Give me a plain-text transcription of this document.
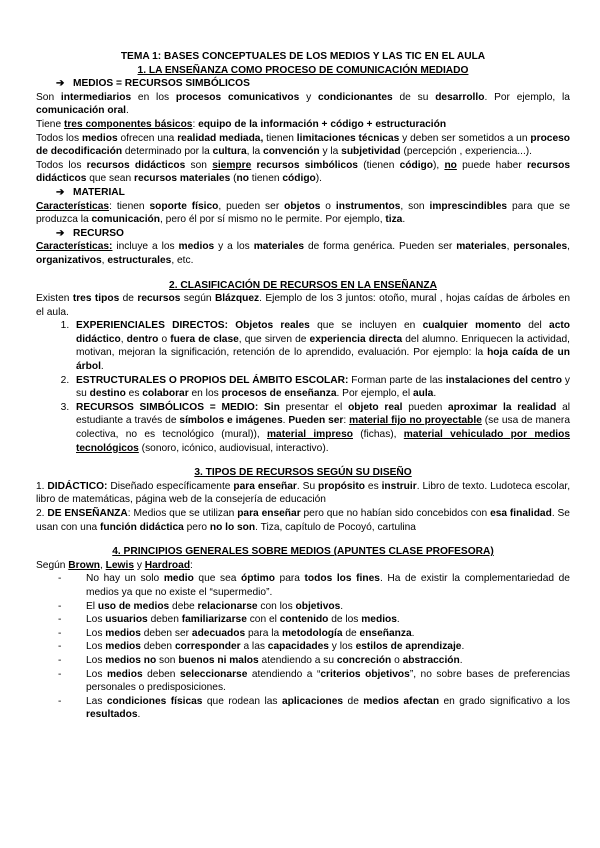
TEMA 1: BASES CONCEPTUALES DE LOS MEDIOS Y LAS TIC EN EL AULA

1. LA ENSEÑANZA COMO PROCESO DE COMUNICACIÓN MEDIADO

➔ MEDIOS = RECURSOS SIMBÓLICOS

Son intermediarios en los procesos comunicativos y condicionantes de su desarrollo. Por ejemplo, la comunicación oral.

Tiene tres componentes básicos: equipo de la información + código + estructuración

Todos los medios ofrecen una realidad mediada, tienen limitaciones técnicas y deben ser sometidos a un proceso de decodificación determinado por la cultura, la convención y la subjetividad (percepción , experiencia...).

Todos los recursos didácticos son siempre recursos simbólicos (tienen código), no puede haber recursos didácticos que sean recursos materiales (no tienen código).

➔ MATERIAL

Características: tienen soporte físico, pueden ser objetos o instrumentos, son imprescindibles para que se produzca la comunicación, pero él por sí mismo no le permite. Por ejemplo, tiza.

➔ RECURSO

Características: incluye a los medios y a los materiales de forma genérica. Pueden ser materiales, personales, organizativos, estructurales, etc.

2. CLASIFICACIÓN DE RECURSOS EN LA ENSEÑANZA

Existen tres tipos de recursos según Blázquez. Ejemplo de los 3 juntos: otoño, mural , hojas caídas de árboles en el aula.

1. EXPERIENCIALES DIRECTOS: Objetos reales que se incluyen en cualquier momento del acto didáctico, dentro o fuera de clase, que sirven de experiencia directa del alumno. Enriquecen la actividad, motivan, mejoran la significación, retención de lo aprendido, evaluación. Por ejemplo: la hoja caída de un árbol.
2. ESTRUCTURALES O PROPIOS DEL ÁMBITO ESCOLAR: Forman parte de las instalaciones del centro y su destino es colaborar en los procesos de enseñanza. Por ejemplo, el aula.
3. RECURSOS SIMBÓLICOS = MEDIO: Sin presentar el objeto real pueden aproximar la realidad al estudiante a través de símbolos e imágenes. Pueden ser: material fijo no proyectable (se usa de manera colectiva, no es tecnológico (mural)), material impreso (fichas), material vehiculado por medios tecnológicos (sonoro, icónico, audiovisual, interactivo).

3. TIPOS DE RECURSOS SEGÚN SU DISEÑO

1. DIDÁCTICO: Diseñado específicamente para enseñar. Su propósito es instruir. Libro de texto. Ludoteca escolar, libro de matemáticas, página web de la consejería de educación

2. DE ENSEÑANZA: Medios que se utilizan para enseñar pero que no habían sido concebidos con esa finalidad. Se usan con una función didáctica pero no lo son. Tiza, capítulo de Pocoyó, cartulina

4. PRINCIPIOS GENERALES SOBRE MEDIOS (APUNTES CLASE PROFESORA)

Según Brown, Lewis y Hardroad:

- No hay un solo medio que sea óptimo para todos los fines. Ha de existir la complementariedad de medios ya que no existe el “supermedio”.
- El uso de medios debe relacionarse con los objetivos.
- Los usuarios deben familiarizarse con el contenido de los medios.
- Los medios deben ser adecuados para la metodología de enseñanza.
- Los medios deben corresponder a las capacidades y los estilos de aprendizaje.
- Los medios no son buenos ni malos atendiendo a su concreción o abstracción.
- Los medios deben seleccionarse atendiendo a “criterios objetivos”, no sobre bases de preferencias personales o predisposiciones.
- Las condiciones físicas que rodean las aplicaciones de medios afectan en grado significativo a los resultados.
